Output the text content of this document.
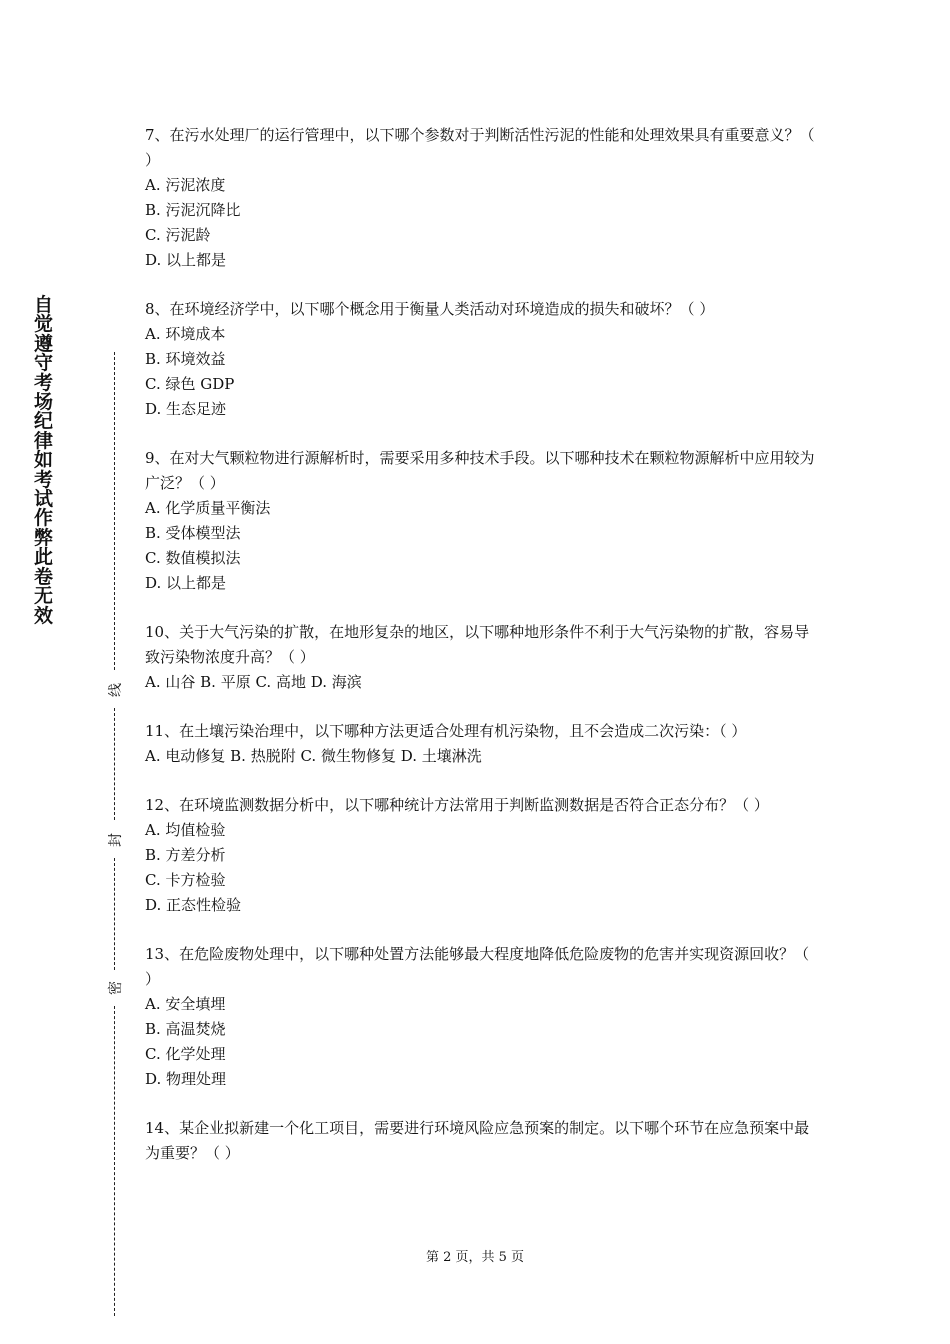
自觉遵守考场纪律如考试作弊此卷无效
线
封
密

7、在污水处理厂的运行管理中，以下哪个参数对于判断活性污泥的性能和处理效果具有重要意义？（ ）

A. 污泥浓度

B. 污泥沉降比

C. 污泥龄

D. 以上都是

8、在环境经济学中，以下哪个概念用于衡量人类活动对环境造成的损失和破坏？（ ）

A. 环境成本

B. 环境效益

C. 绿色 GDP

D. 生态足迹

9、在对大气颗粒物进行源解析时，需要采用多种技术手段。以下哪种技术在颗粒物源解析中应用较为广泛？（ ）

A. 化学质量平衡法

B. 受体模型法

C. 数值模拟法

D. 以上都是

10、关于大气污染的扩散，在地形复杂的地区，以下哪种地形条件不利于大气污染物的扩散，容易导致污染物浓度升高？（ ）

A. 山谷 B. 平原 C. 高地 D. 海滨

11、在土壤污染治理中，以下哪种方法更适合处理有机污染物，且不会造成二次污染：（ ）

A. 电动修复 B. 热脱附 C. 微生物修复 D. 土壤淋洗

12、在环境监测数据分析中，以下哪种统计方法常用于判断监测数据是否符合正态分布？（ ）

A. 均值检验

B. 方差分析

C. 卡方检验

D. 正态性检验

13、在危险废物处理中，以下哪种处置方法能够最大程度地降低危险废物的危害并实现资源回收？（ ）

A. 安全填埋

B. 高温焚烧

C. 化学处理

D. 物理处理

14、某企业拟新建一个化工项目，需要进行环境风险应急预案的制定。以下哪个环节在应急预案中最为重要？（ ）

第 2 页，共 5 页
